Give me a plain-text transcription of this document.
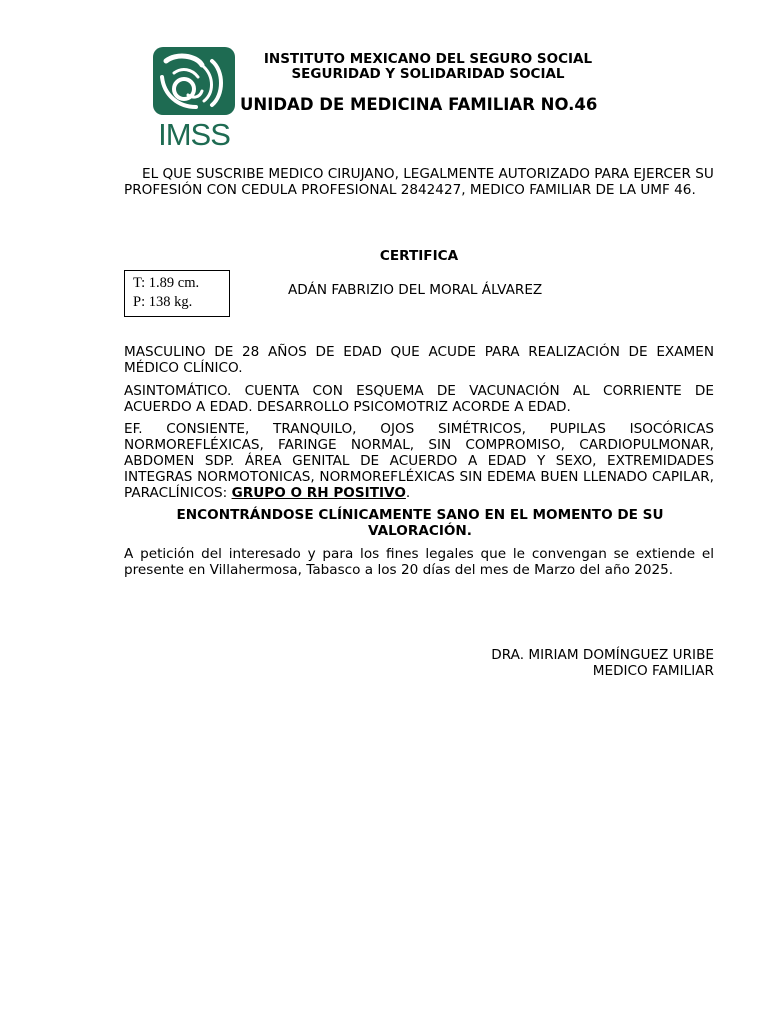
IMSS
INSTITUTO MEXICANO DEL SEGURO SOCIAL
SEGURIDAD Y SOLIDARIDAD SOCIAL
UNIDAD DE MEDICINA FAMILIAR NO.46
EL QUE SUSCRIBE MEDICO CIRUJANO, LEGALMENTE AUTORIZADO PARA EJERCER SU PROFESIÓN CON CEDULA PROFESIONAL 2842427, MEDICO FAMILIAR DE LA UMF 46.
CERTIFICA
T: 1.89 cm.
P: 138 kg.
ADÁN FABRIZIO DEL MORAL ÁLVAREZ
MASCULINO DE 28 AÑOS DE EDAD QUE ACUDE PARA REALIZACIÓN DE EXAMEN MÉDICO CLÍNICO.
ASINTOMÁTICO. CUENTA CON ESQUEMA DE VACUNACIÓN AL CORRIENTE DE ACUERDO A EDAD. DESARROLLO PSICOMOTRIZ ACORDE A EDAD.
EF. CONSIENTE, TRANQUILO, OJOS SIMÉTRICOS, PUPILAS ISOCÓRICAS NORMOREFLÉXICAS, FARINGE NORMAL, SIN COMPROMISO, CARDIOPULMONAR, ABDOMEN SDP. ÁREA GENITAL DE ACUERDO A EDAD Y SEXO, EXTREMIDADES INTEGRAS NORMOTONICAS, NORMOREFLÉXICAS SIN EDEMA BUEN LLENADO CAPILAR, PARACLÍNICOS: GRUPO O RH POSITIVO.
ENCONTRÁNDOSE CLÍNICAMENTE SANO EN EL MOMENTO DE SU VALORACIÓN.
A petición del interesado y para los fines legales que le convengan se extiende el presente en Villahermosa, Tabasco a los 20 días del mes de Marzo del año 2025.
DRA. MIRIAM DOMÍNGUEZ URIBE
MEDICO FAMILIAR
